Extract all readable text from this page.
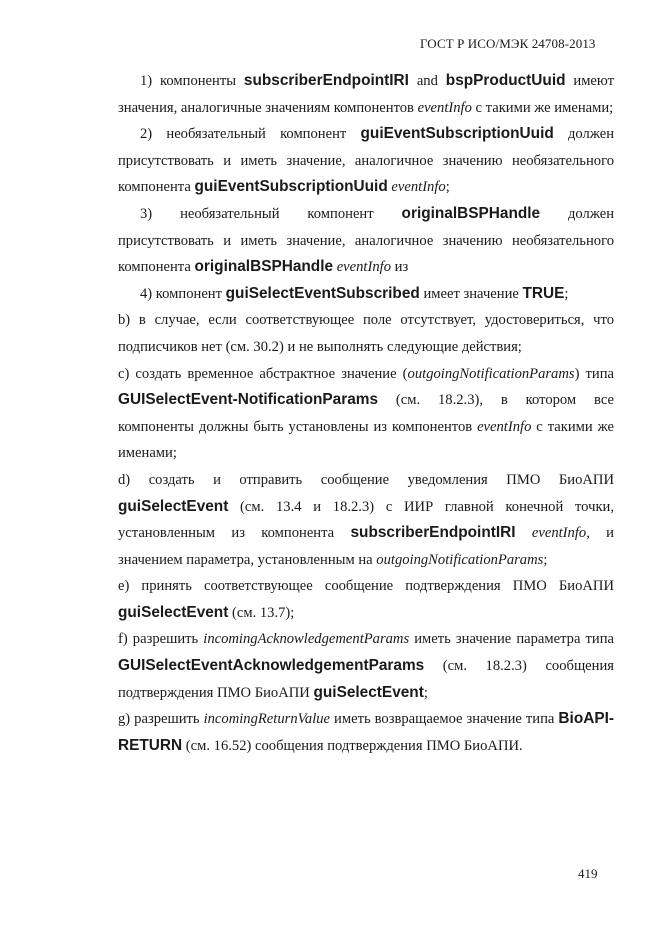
ГОСТ Р ИСО/МЭК 24708-2013

1) компоненты subscriberEndpointIRI and bspProductUuid имеют значения, аналогичные значениям компонентов eventInfo с такими же именами;

2) необязательный компонент guiEventSubscriptionUuid должен присутствовать и иметь значение, аналогичное значению необязательного компонента guiEventSubscriptionUuid eventInfo;

3) необязательный компонент originalBSPHandle должен присутствовать и иметь значение, аналогичное значению необязательного компонента originalBSPHandle eventInfo из

4) компонент guiSelectEventSubscribed имеет значение TRUE;

b) в случае, если соответствующее поле отсутствует, удостовериться, что подписчиков нет (см. 30.2) и не выполнять следующие действия;

c) создать временное абстрактное значение (outgoingNotificationParams) типа GUISelectEvent-NotificationParams (см. 18.2.3), в котором все компоненты должны быть установлены из компонентов eventInfo с такими же именами;

d) создать и отправить сообщение уведомления ПМО БиоАПИ guiSelectEvent (см. 13.4 и 18.2.3) с ИИР главной конечной точки, установленным из компонента subscriberEndpointIRI eventInfo, и значением параметра, установленным на outgoingNotificationParams;

e) принять соответствующее сообщение подтверждения ПМО БиоАПИ guiSelectEvent (см. 13.7);

f) разрешить incomingAcknowledgementParams иметь значение параметра типа GUISelectEventAcknowledgementParams (см. 18.2.3) сообщения подтверждения ПМО БиоАПИ guiSelectEvent;

g) разрешить incomingReturnValue иметь возвращаемое значение типа BioAPI-RETURN (см. 16.52) сообщения подтверждения ПМО БиоАПИ.

419
